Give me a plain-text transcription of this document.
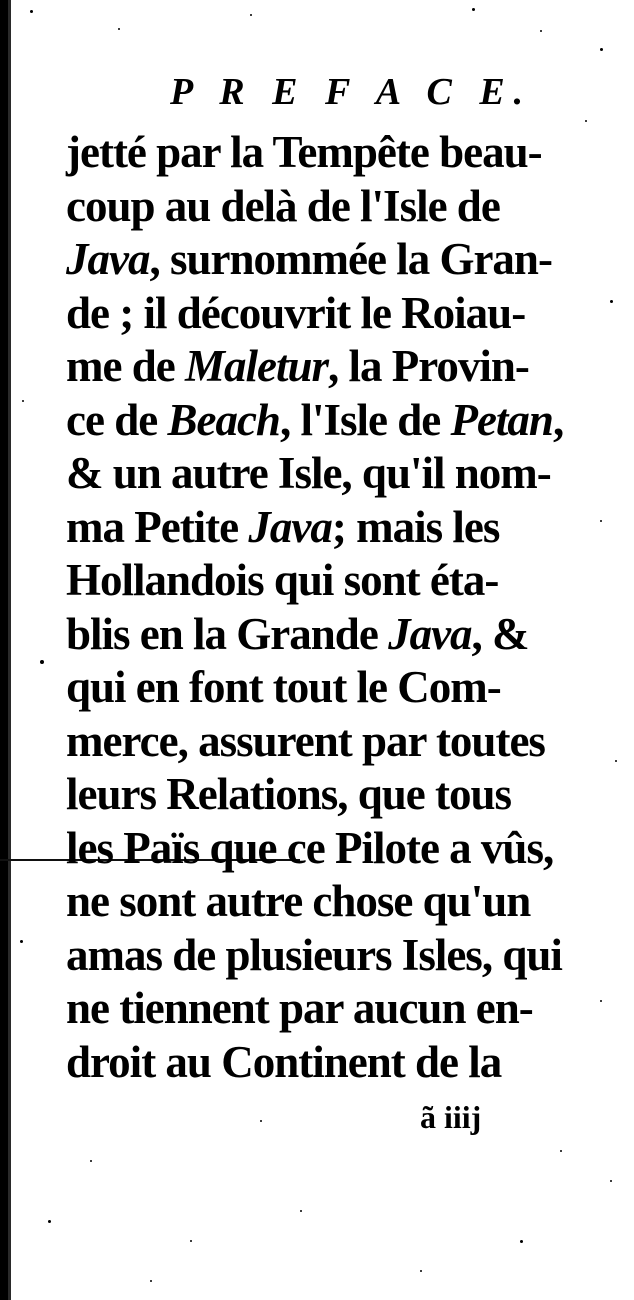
P R E F A C E.
jetté par la Tempête beau-
coup au delà de l'Isle de
Java, surnommée la Gran-
de ; il découvrit le Roiau-
me de Maletur, la Provin-
ce de Beach, l'Isle de Petan,
& un autre Isle, qu'il nom-
ma Petite Java; mais les
Hollandois qui sont éta-
blis en la Grande Java, &
qui en font tout le Com-
merce, assurent par toutes
leurs Relations, que tous
les Païs que ce Pilote a vûs,
ne sont autre chose qu'un
amas de plusieurs Isles, qui
ne tiennent par aucun en-
droit au Continent de la
ã iiij
